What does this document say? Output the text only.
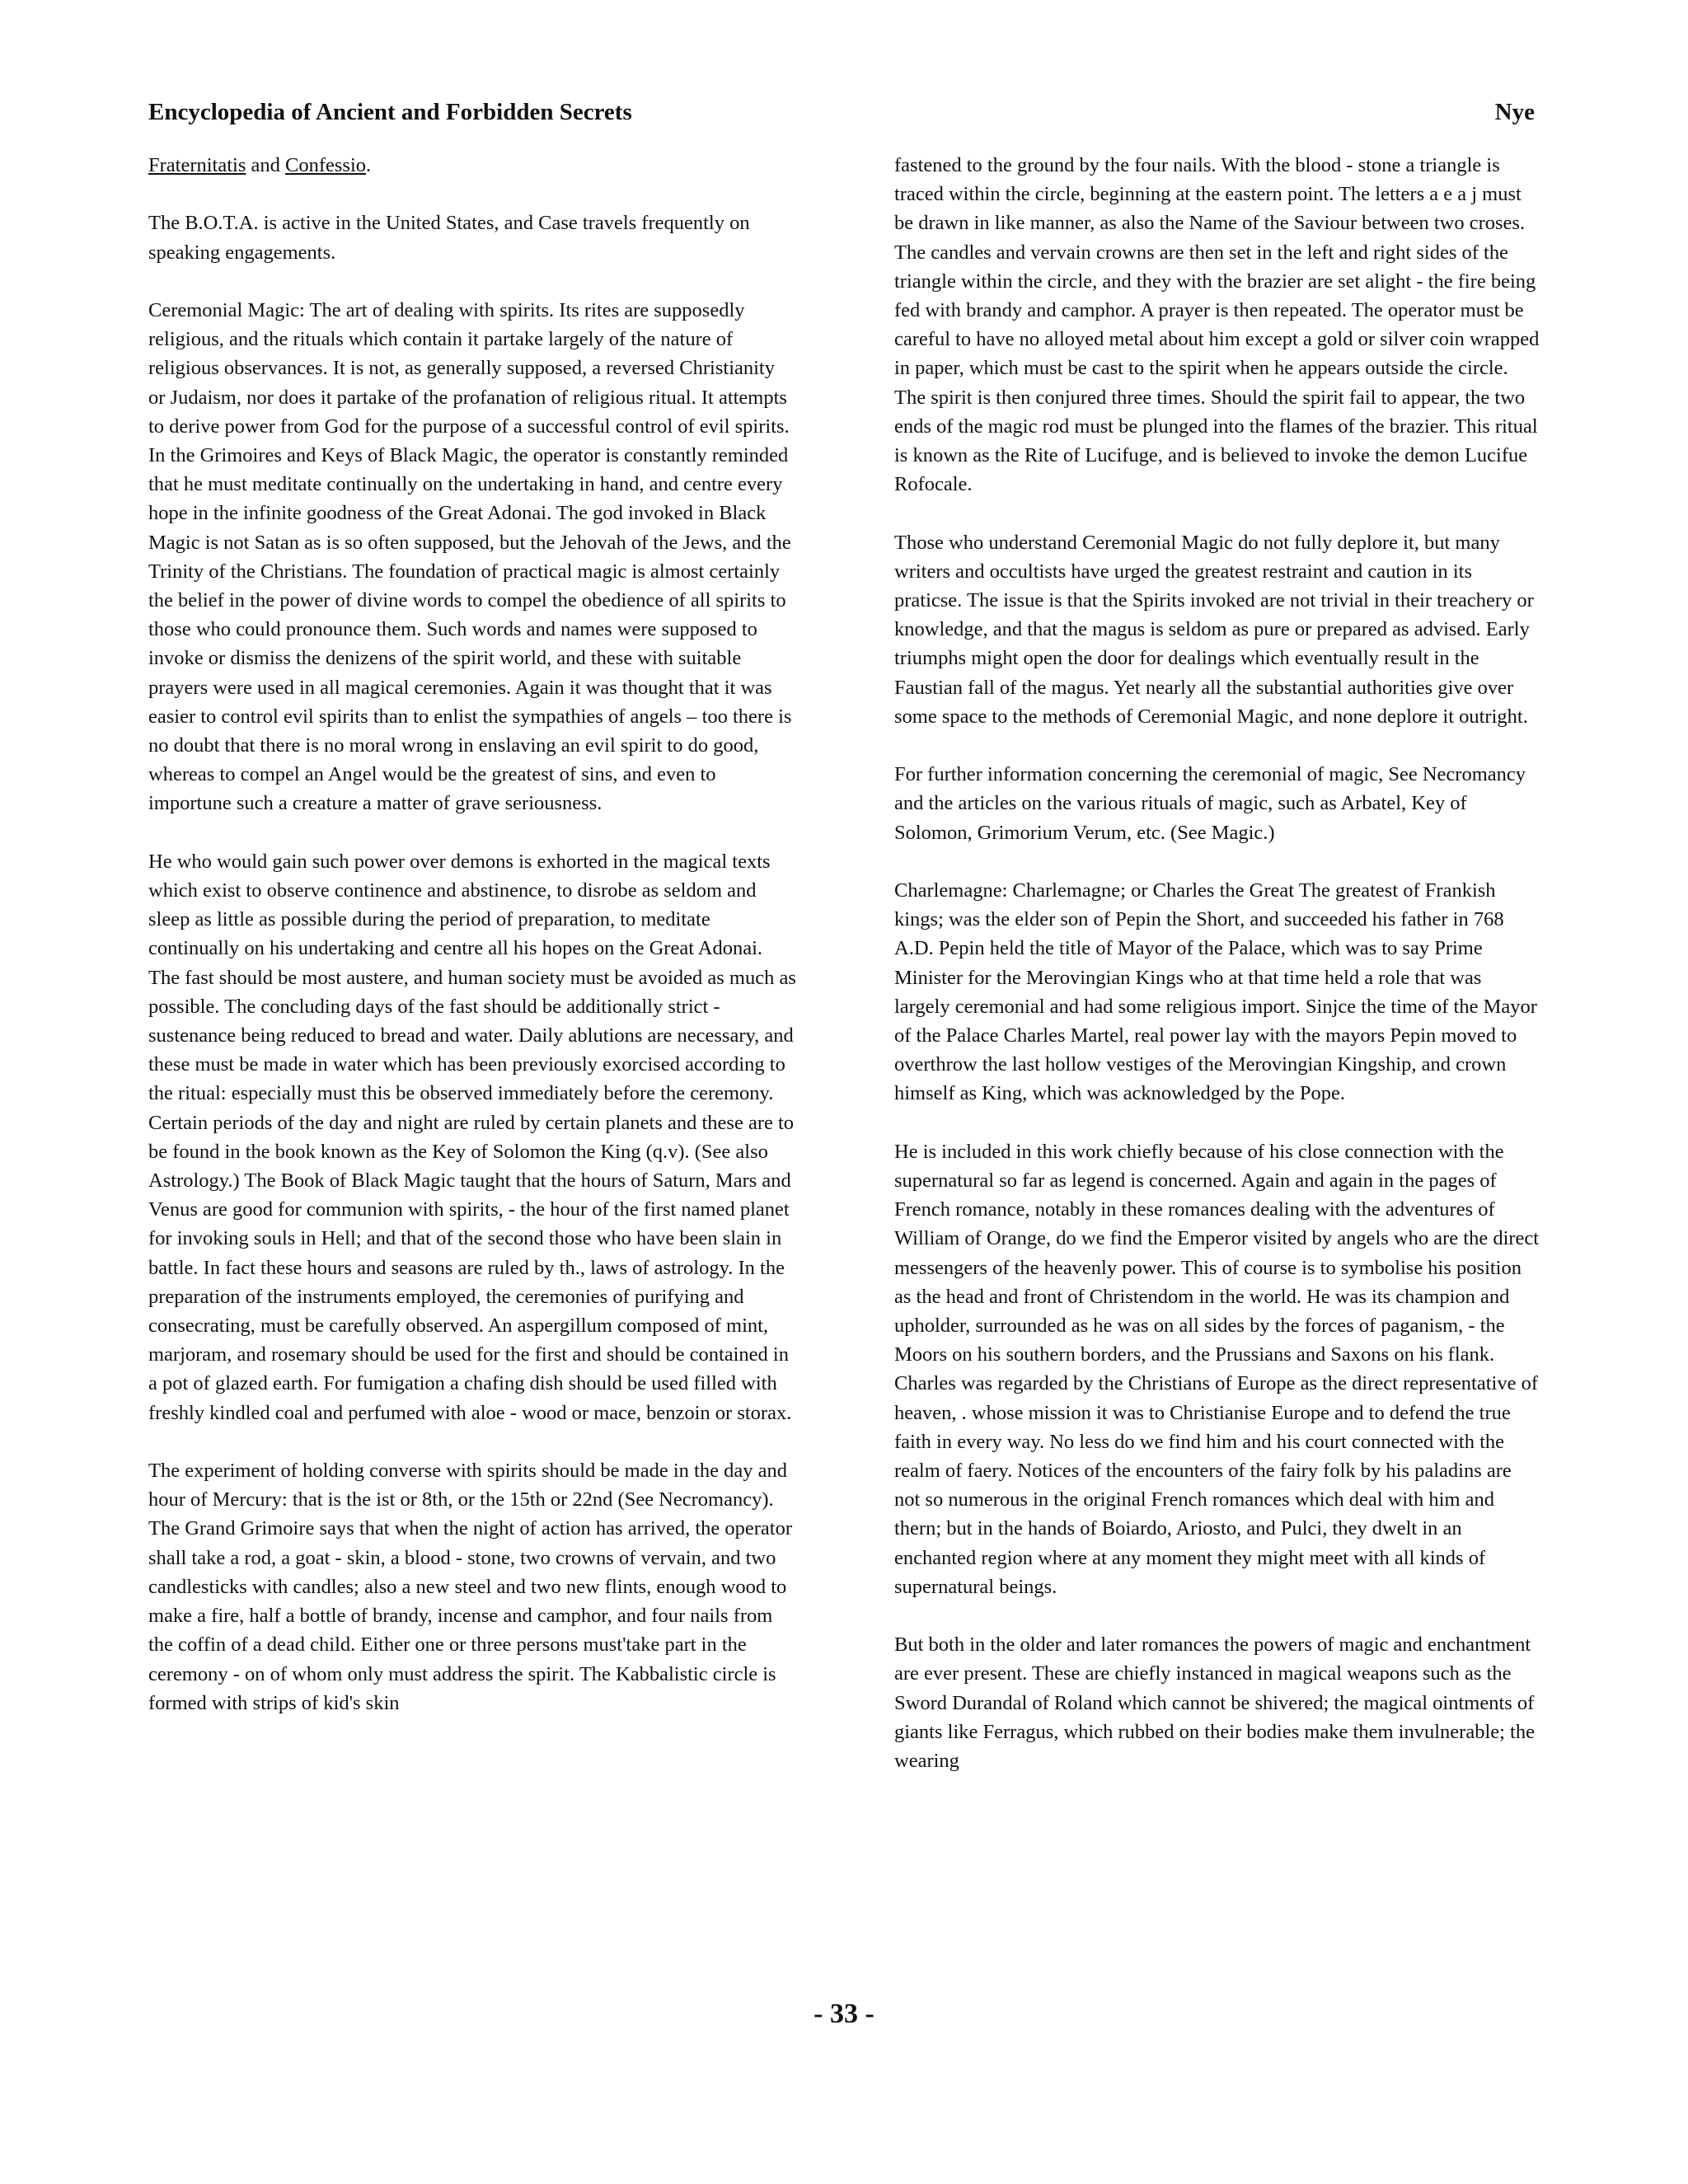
Encyclopedia of Ancient and Forbidden Secrets	Nye

Fraternitatis and Confessio.

The B.O.T.A. is active in the United States, and Case travels frequently on speaking engagements.

Ceremonial Magic: The art of dealing with spirits. Its rites are supposedly religious, and the rituals which contain it partake largely of the nature of religious observances. It is not, as generally supposed, a reversed Christianity or Judaism, nor does it partake of the profanation of religious ritual. It attempts to derive power from God for the purpose of a successful control of evil spirits. In the Grimoires and Keys of Black Magic, the operator is constantly reminded that he must meditate continually on the undertaking in hand, and centre every hope in the infinite goodness of the Great Adonai. The god invoked in Black Magic is not Satan as is so often supposed, but the Jehovah of the Jews, and the Trinity of the Christians. The foundation of practical magic is almost certainly the belief in the power of divine words to compel the obedience of all spirits to those who could pronounce them. Such words and names were supposed to invoke or dismiss the denizens of the spirit world, and these with suitable prayers were used in all magical ceremonies. Again it was thought that it was easier to control evil spirits than to enlist the sympathies of angels – too there is no doubt that there is no moral wrong in enslaving an evil spirit to do good, whereas to compel an Angel would be the greatest of sins, and even to importune such a creature a matter of grave seriousness.

He who would gain such power over demons is exhorted in the magical texts which exist to observe continence and abstinence, to disrobe as seldom and sleep as little as possible during the period of preparation, to meditate continually on his undertaking and centre all his hopes on the Great Adonai. The fast should be most austere, and human society must be avoided as much as possible. The concluding days of the fast should be additionally strict - sustenance being reduced to bread and water. Daily ablutions are necessary, and these must be made in water which has been previously exorcised according to the ritual: especially must this be observed immediately before the ceremony. Certain periods of the day and night are ruled by certain planets and these are to be found in the book known as the Key of Solomon the King (q.v). (See also Astrology.) The Book of Black Magic taught that the hours of Saturn, Mars and Venus are good for communion with spirits, - the hour of the first named planet for invoking souls in Hell; and that of the second those who have been slain in battle. In fact these hours and seasons are ruled by th., laws of astrology. In the preparation of the instruments employed, the ceremonies of purifying and consecrating, must be carefully observed. An aspergillum composed of mint, marjoram, and rosemary should be used for the first and should be contained in a pot of glazed earth. For fumigation a chafing dish should be used filled with freshly kindled coal and perfumed with aloe - wood or mace, benzoin or storax.

The experiment of holding converse with spirits should be made in the day and hour of Mercury: that is the ist or 8th, or the 15th or 22nd (See Necromancy). The Grand Grimoire says that when the night of action has arrived, the operator shall take a rod, a goat - skin, a blood - stone, two crowns of vervain, and two candlesticks with candles; also a new steel and two new flints, enough wood to make a fire, half a bottle of brandy, incense and camphor, and four nails from the coffin of a dead child. Either one or three persons must'take part in the ceremony - on of whom only must address the spirit. The Kabbalistic circle is formed with strips of kid's skin

fastened to the ground by the four nails. With the blood - stone a triangle is traced within the circle, beginning at the eastern point. The letters a e a j must be drawn in like manner, as also the Name of the Saviour between two croses. The candles and vervain crowns are then set in the left and right sides of the triangle within the circle, and they with the brazier are set alight - the fire being fed with brandy and camphor. A prayer is then repeated. The operator must be careful to have no alloyed metal about him except a gold or silver coin wrapped in paper, which must be cast to the spirit when he appears outside the circle. The spirit is then conjured three times. Should the spirit fail to appear, the two ends of the magic rod must be plunged into the flames of the brazier. This ritual is known as the Rite of Lucifuge, and is believed to invoke the demon Lucifue Rofocale.

Those who understand Ceremonial Magic do not fully deplore it, but many writers and occultists have urged the greatest restraint and caution in its praticse. The issue is that the Spirits invoked are not trivial in their treachery or knowledge, and that the magus is seldom as pure or prepared as advised. Early triumphs might open the door for dealings which eventually result in the Faustian fall of the magus. Yet nearly all the substantial authorities give over some space to the methods of Ceremonial Magic, and none deplore it outright.

For further information concerning the ceremonial of magic, See Necromancy and the articles on the various rituals of magic, such as Arbatel, Key of Solomon, Grimorium Verum, etc. (See Magic.)

Charlemagne: Charlemagne; or Charles the Great The greatest of Frankish kings; was the elder son of Pepin the Short, and succeeded his father in 768 A.D. Pepin held the title of Mayor of the Palace, which was to say Prime Minister for the Merovingian Kings who at that time held a role that was largely ceremonial and had some religious import. Sinjce the time of the Mayor of the Palace Charles Martel, real power lay with the mayors Pepin moved to overthrow the last hollow vestiges of the Merovingian Kingship, and crown himself as King, which was acknowledged by the Pope.

He is included in this work chiefly because of his close connection with the supernatural so far as legend is concerned. Again and again in the pages of French romance, notably in these romances dealing with the adventures of William of Orange, do we find the Emperor visited by angels who are the direct messengers of the heavenly power. This of course is to symbolise his position as the head and front of Christendom in the world. He was its champion and upholder, surrounded as he was on all sides by the forces of paganism, - the Moors on his southern borders, and the Prussians and Saxons on his flank. Charles was regarded by the Christians of Europe as the direct representative of heaven, . whose mission it was to Christianise Europe and to defend the true faith in every way. No less do we find him and his court connected with the realm of faery. Notices of the encounters of the fairy folk by his paladins are not so numerous in the original French romances which deal with him and thern; but in the hands of Boiardo, Ariosto, and Pulci, they dwelt in an enchanted region where at any moment they might meet with all kinds of supernatural beings.

But both in the older and later romances the powers of magic and enchantment are ever present. These are chiefly instanced in magical weapons such as the Sword Durandal of Roland which cannot be shivered; the magical ointments of giants like Ferragus, which rubbed on their bodies make them invulnerable; the wearing

- 33 -
